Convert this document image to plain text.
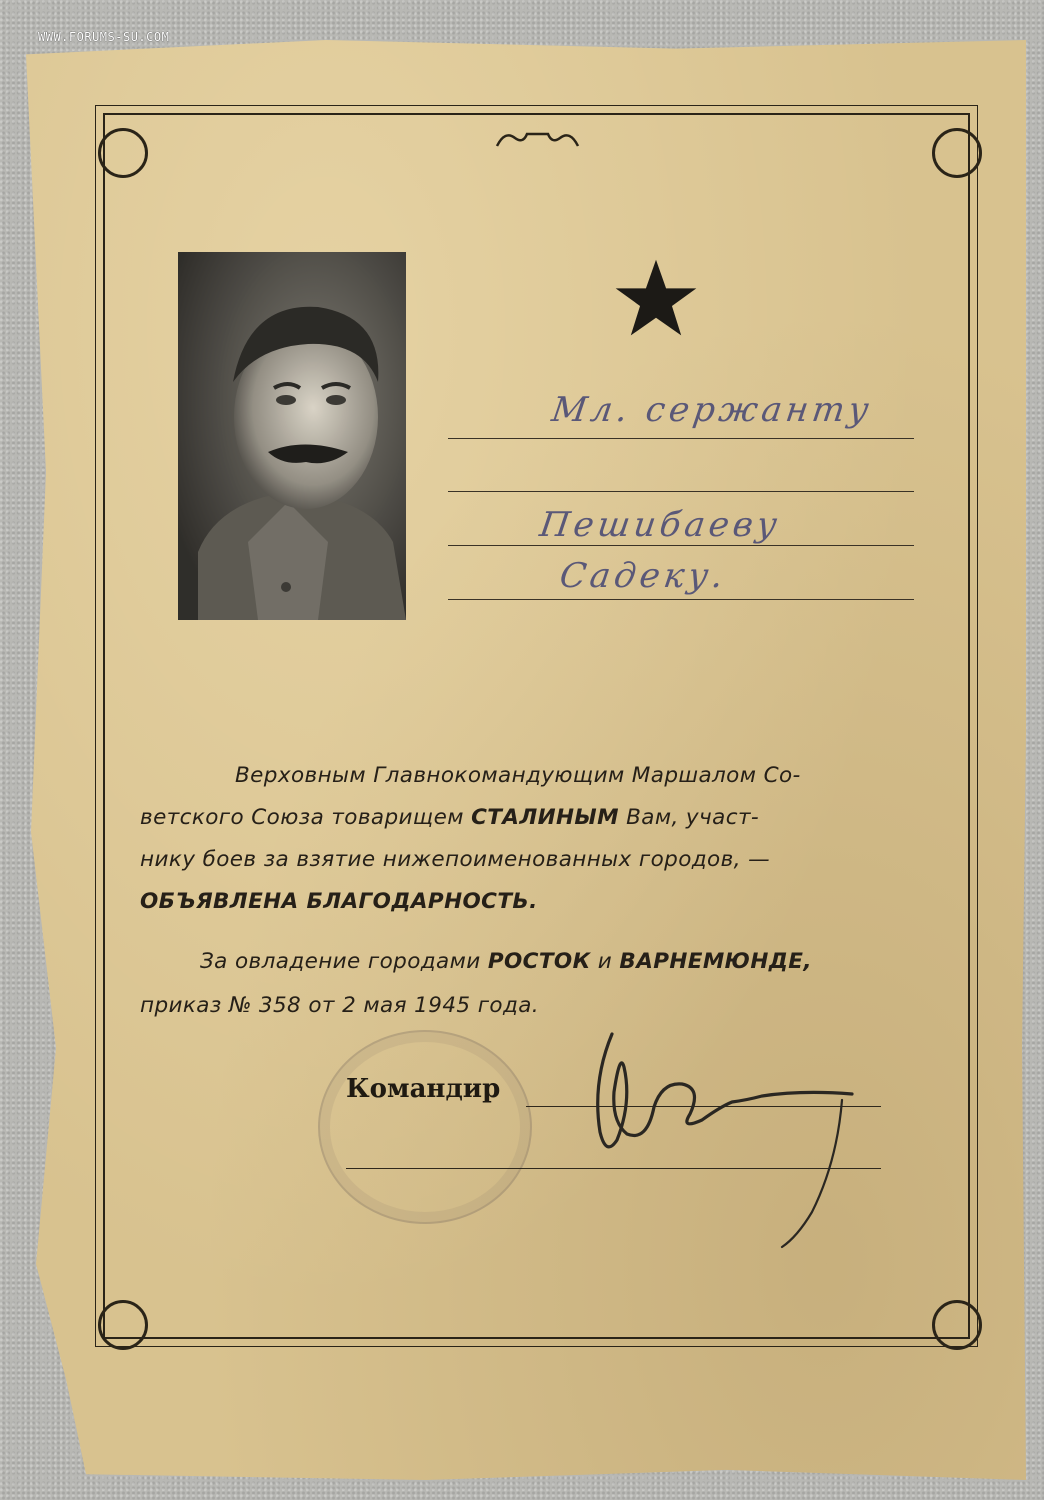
WWW.FORUMS-SU.COM
Мл. сержанту
Пешибаеву
Садеку.
Верховным Главнокомандующим Маршалом Со-
ветского Союза товарищем СТАЛИНЫМ Вам, участ-
нику боев за взятие нижепоименованных городов, —
ОБЪЯВЛЕНА БЛАГОДАРНОСТЬ.
За овладение городами РОСТОК и ВАРНЕМЮНДЕ,
приказ № 358 от 2 мая 1945 года.
Командир
